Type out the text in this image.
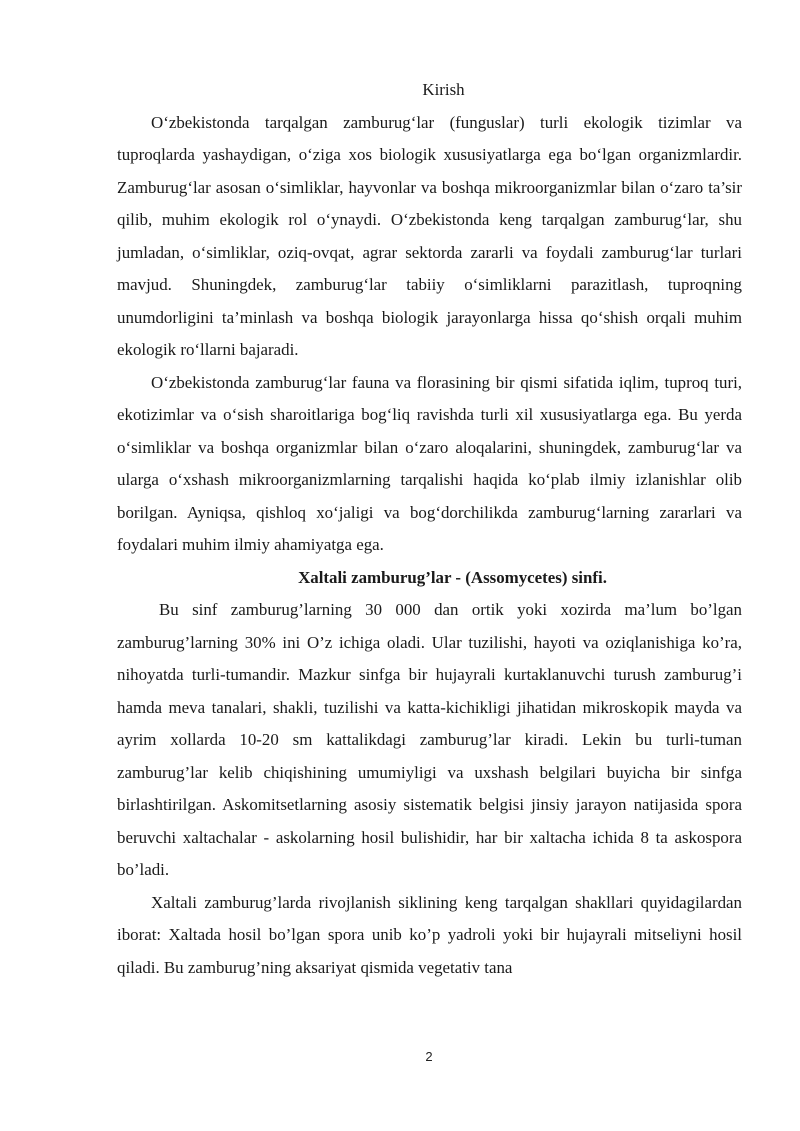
Kirish

O‘zbekistonda tarqalgan zamburug‘lar (funguslar) turli ekologik tizimlar va tuproqlarda yashaydigan, o‘ziga xos biologik xususiyatlarga ega bo‘lgan organizmlardir. Zamburug‘lar asosan o‘simliklar, hayvonlar va boshqa mikroorganizmlar bilan o‘zaro ta’sir qilib, muhim ekologik rol o‘ynaydi. O‘zbekistonda keng tarqalgan zamburug‘lar, shu jumladan, o‘simliklar, oziq-ovqat, agrar sektorda zararli va foydali zamburug‘lar turlari mavjud. Shuningdek, zamburug‘lar tabiiy o‘simliklarni parazitlash, tuproqning unumdorligini ta’minlash va boshqa biologik jarayonlarga hissa qo‘shish orqali muhim ekologik ro‘llarni bajaradi.

O‘zbekistonda zamburug‘lar fauna va florasining bir qismi sifatida iqlim, tuproq turi, ekotizimlar va o‘sish sharoitlariga bog‘liq ravishda turli xil xususiyatlarga ega. Bu yerda o‘simliklar va boshqa organizmlar bilan o‘zaro aloqalarini, shuningdek, zamburug‘lar va ularga o‘xshash mikroorganizmlarning tarqalishi haqida ko‘plab ilmiy izlanishlar olib borilgan. Ayniqsa, qishloq xo‘jaligi va bog‘dorchilikda zamburug‘larning zararlari va foydalari muhim ilmiy ahamiyatga ega.

Xaltali zamburug’lar - (Assomycetes) sinfi.

Bu sinf zamburug’larning 30 000 dan ortik yoki xozirda ma’lum bo’lgan zamburug’larning 30% ini O’z ichiga oladi. Ular tuzilishi, hayoti va oziqlanishiga ko’ra, nihoyatda turli-tumandir. Mazkur sinfga bir hujayrali kurtaklanuvchi turush zamburug’i hamda meva tanalari, shakli, tuzilishi va katta-kichikligi jihatidan mikroskopik mayda va ayrim xollarda 10-20 sm kattalikdagi zamburug’lar kiradi. Lekin bu turli-tuman zamburug’lar kelib chiqishining umumiyligi va uxshash belgilari buyicha bir sinfga birlashtirilgan. Askomitsetlarning asosiy sistematik belgisi jinsiy jarayon natijasida spora beruvchi xaltachalar - askolarning hosil bulishidir, har bir xaltacha ichida 8 ta askospora bo’ladi.

Xaltali zamburug’larda rivojlanish siklining keng tarqalgan shakllari quyidagilardan iborat: Xaltada hosil bo’lgan spora unib ko’p yadroli yoki bir hujayrali mitseliyni hosil qiladi. Bu zamburug’ning aksariyat qismida vegetativ tana

2
